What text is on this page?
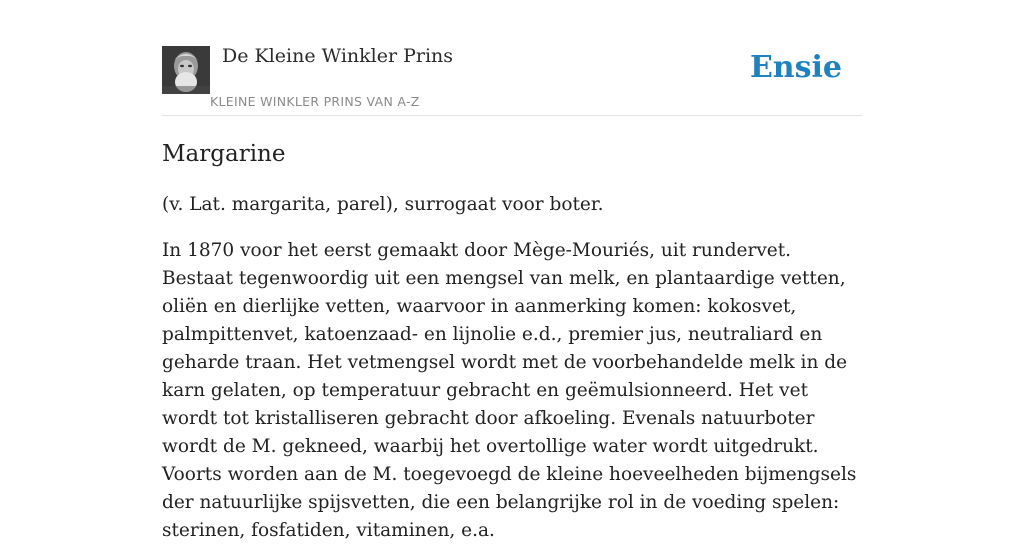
De Kleine Winkler Prins
KLEINE WINKLER PRINS VAN A-Z
Ensie
Margarine

(v. Lat. margarita, parel), surrogaat voor boter.

In 1870 voor het eerst gemaakt door Mège-Mouriés, uit rundervet. Bestaat tegenwoordig uit een mengsel van melk, en plantaardige vetten, oliën en dierlijke vetten, waarvoor in aanmerking komen: kokosvet, palmpittenvet, katoenzaad- en lijnolie e.d., premier jus, neutraliard en geharde traan. Het vetmengsel wordt met de voorbehandelde melk in de karn gelaten, op temperatuur gebracht en geëmulsionneerd. Het vet wordt tot kristalliseren gebracht door afkoeling. Evenals natuurboter wordt de M. gekneed, waarbij het overtollige water wordt uitgedrukt. Voorts worden aan de M. toegevoegd de kleine hoeveelheden bijmengsels der natuurlijke spijsvetten, die een belangrijke rol in de voeding spelen: sterinen, fosfatiden, vitaminen, e.a.
